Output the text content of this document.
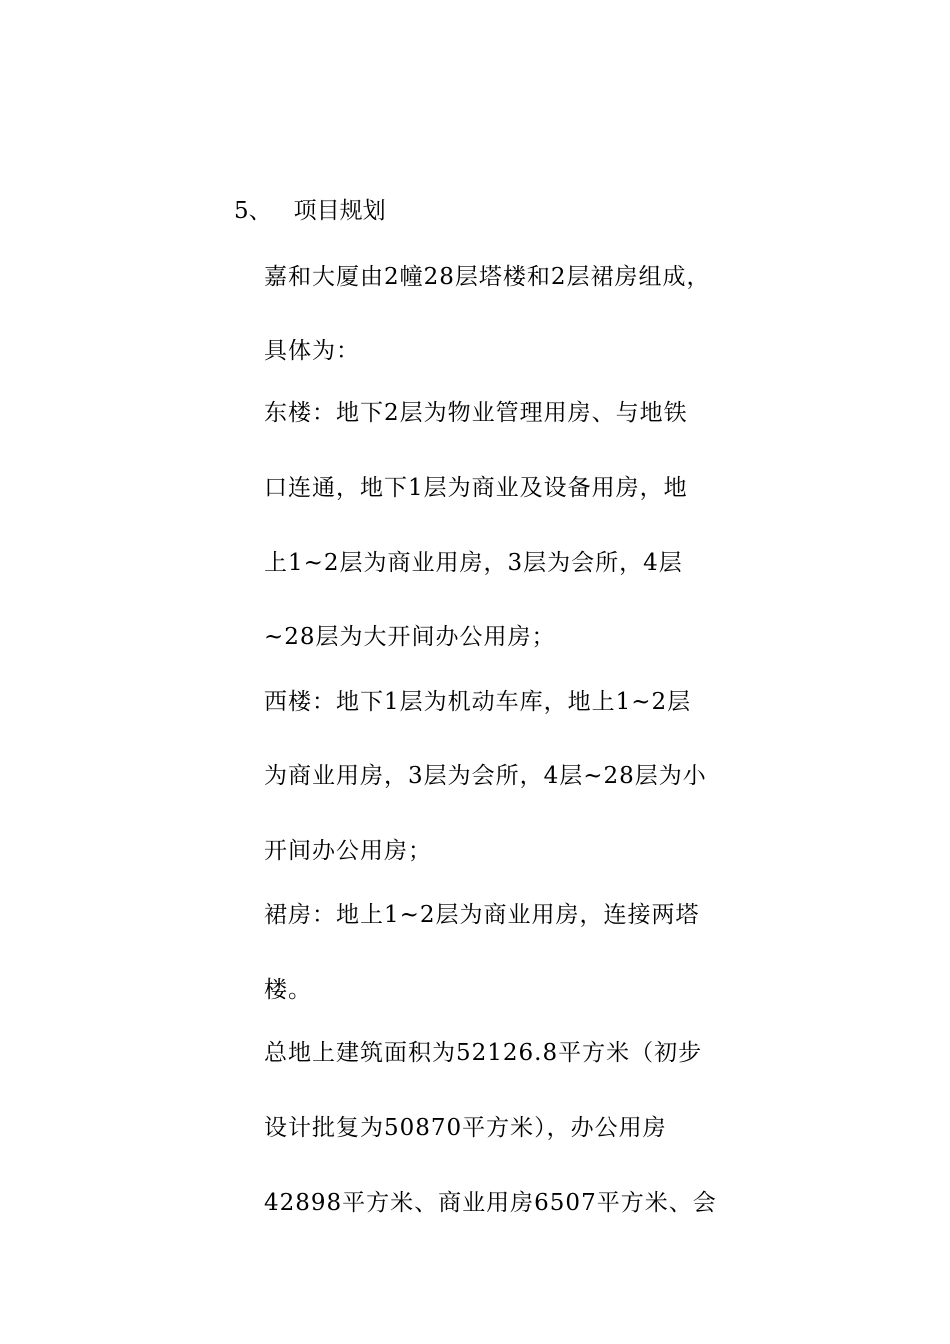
5、 项目规划
嘉和大厦由2幢28层塔楼和2层裙房组成，
具体为：
东楼：地下2层为物业管理用房、与地铁
口连通，地下1层为商业及设备用房，地
上1~2层为商业用房，3层为会所，4层
~28层为大开间办公用房；
西楼：地下1层为机动车库，地上1~2层
为商业用房，3层为会所，4层~28层为小
开间办公用房；
裙房：地上1~2层为商业用房，连接两塔
楼。
总地上建筑面积为52126.8平方米（初步
设计批复为50870平方米），办公用房
42898平方米、商业用房6507平方米、会
